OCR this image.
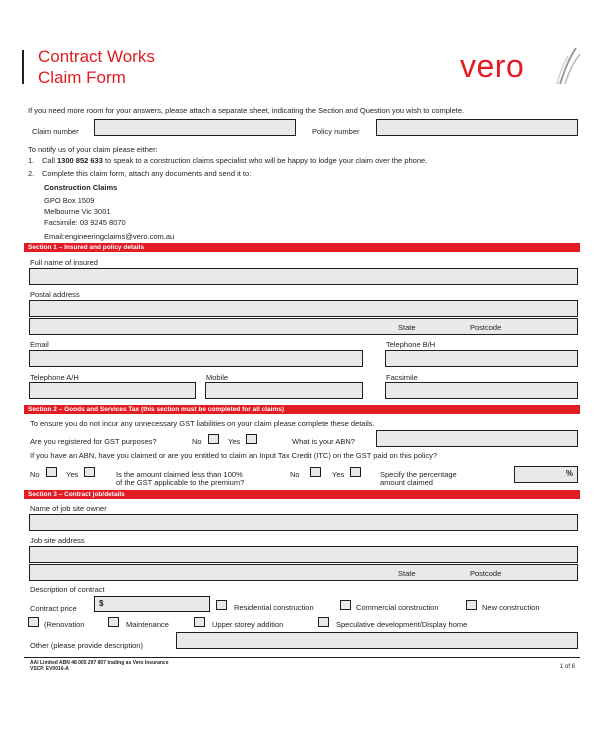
Contract Works
Claim Form	vero
If you need more room for your answers, please attach a separate sheet, indicating the Section and Question you wish to complete.
Claim number	Policy number
To notify us of your claim please either:
1. Call 1300 852 633 to speak to a construction claims specialist who will be happy to lodge your claim over the phone.
2. Complete this claim form, attach any documents and send it to:
Construction Claims
GPO Box 1509
Melbourne Vic 3001
Facsimile: 03 9245 8070
Email:engineeringclaims@vero.com.au
Section 1 – Insured and policy details
Full name of insured
Postal address
State	Postcode
Email	Telephone B/H
Telephone A/H	Mobile	Facsimile
Section 2 – Goods and Services Tax (this section must be completed for all claims)
To ensure you do not incur any unnecessary GST liabilities on your claim please complete these details.
Are you registered for GST purposes?	No	Yes	What is your ABN?
If you have an ABN, have you claimed or are you entitled to claim an Input Tax Credit (ITC) on the GST paid on this policy?
No	Yes	Is the amount claimed less than 100%
of the GST applicable to the premium?
No	Yes	Specify the percentage
amount claimed
%
Section 3 – Contract job/details
Name of job site owner
Job site address
State	Postcode
Description of contract
Contract price
$	Residential construction	Commercial construction	New construction
(Renovation	Maintenance	Upper storey addition	Speculative development/Display home
Other (please provide description)
AAI Limited ABN 48 005 297 807 trading as Vero Insurance
VSCP. EV0016-A	1 of 6
